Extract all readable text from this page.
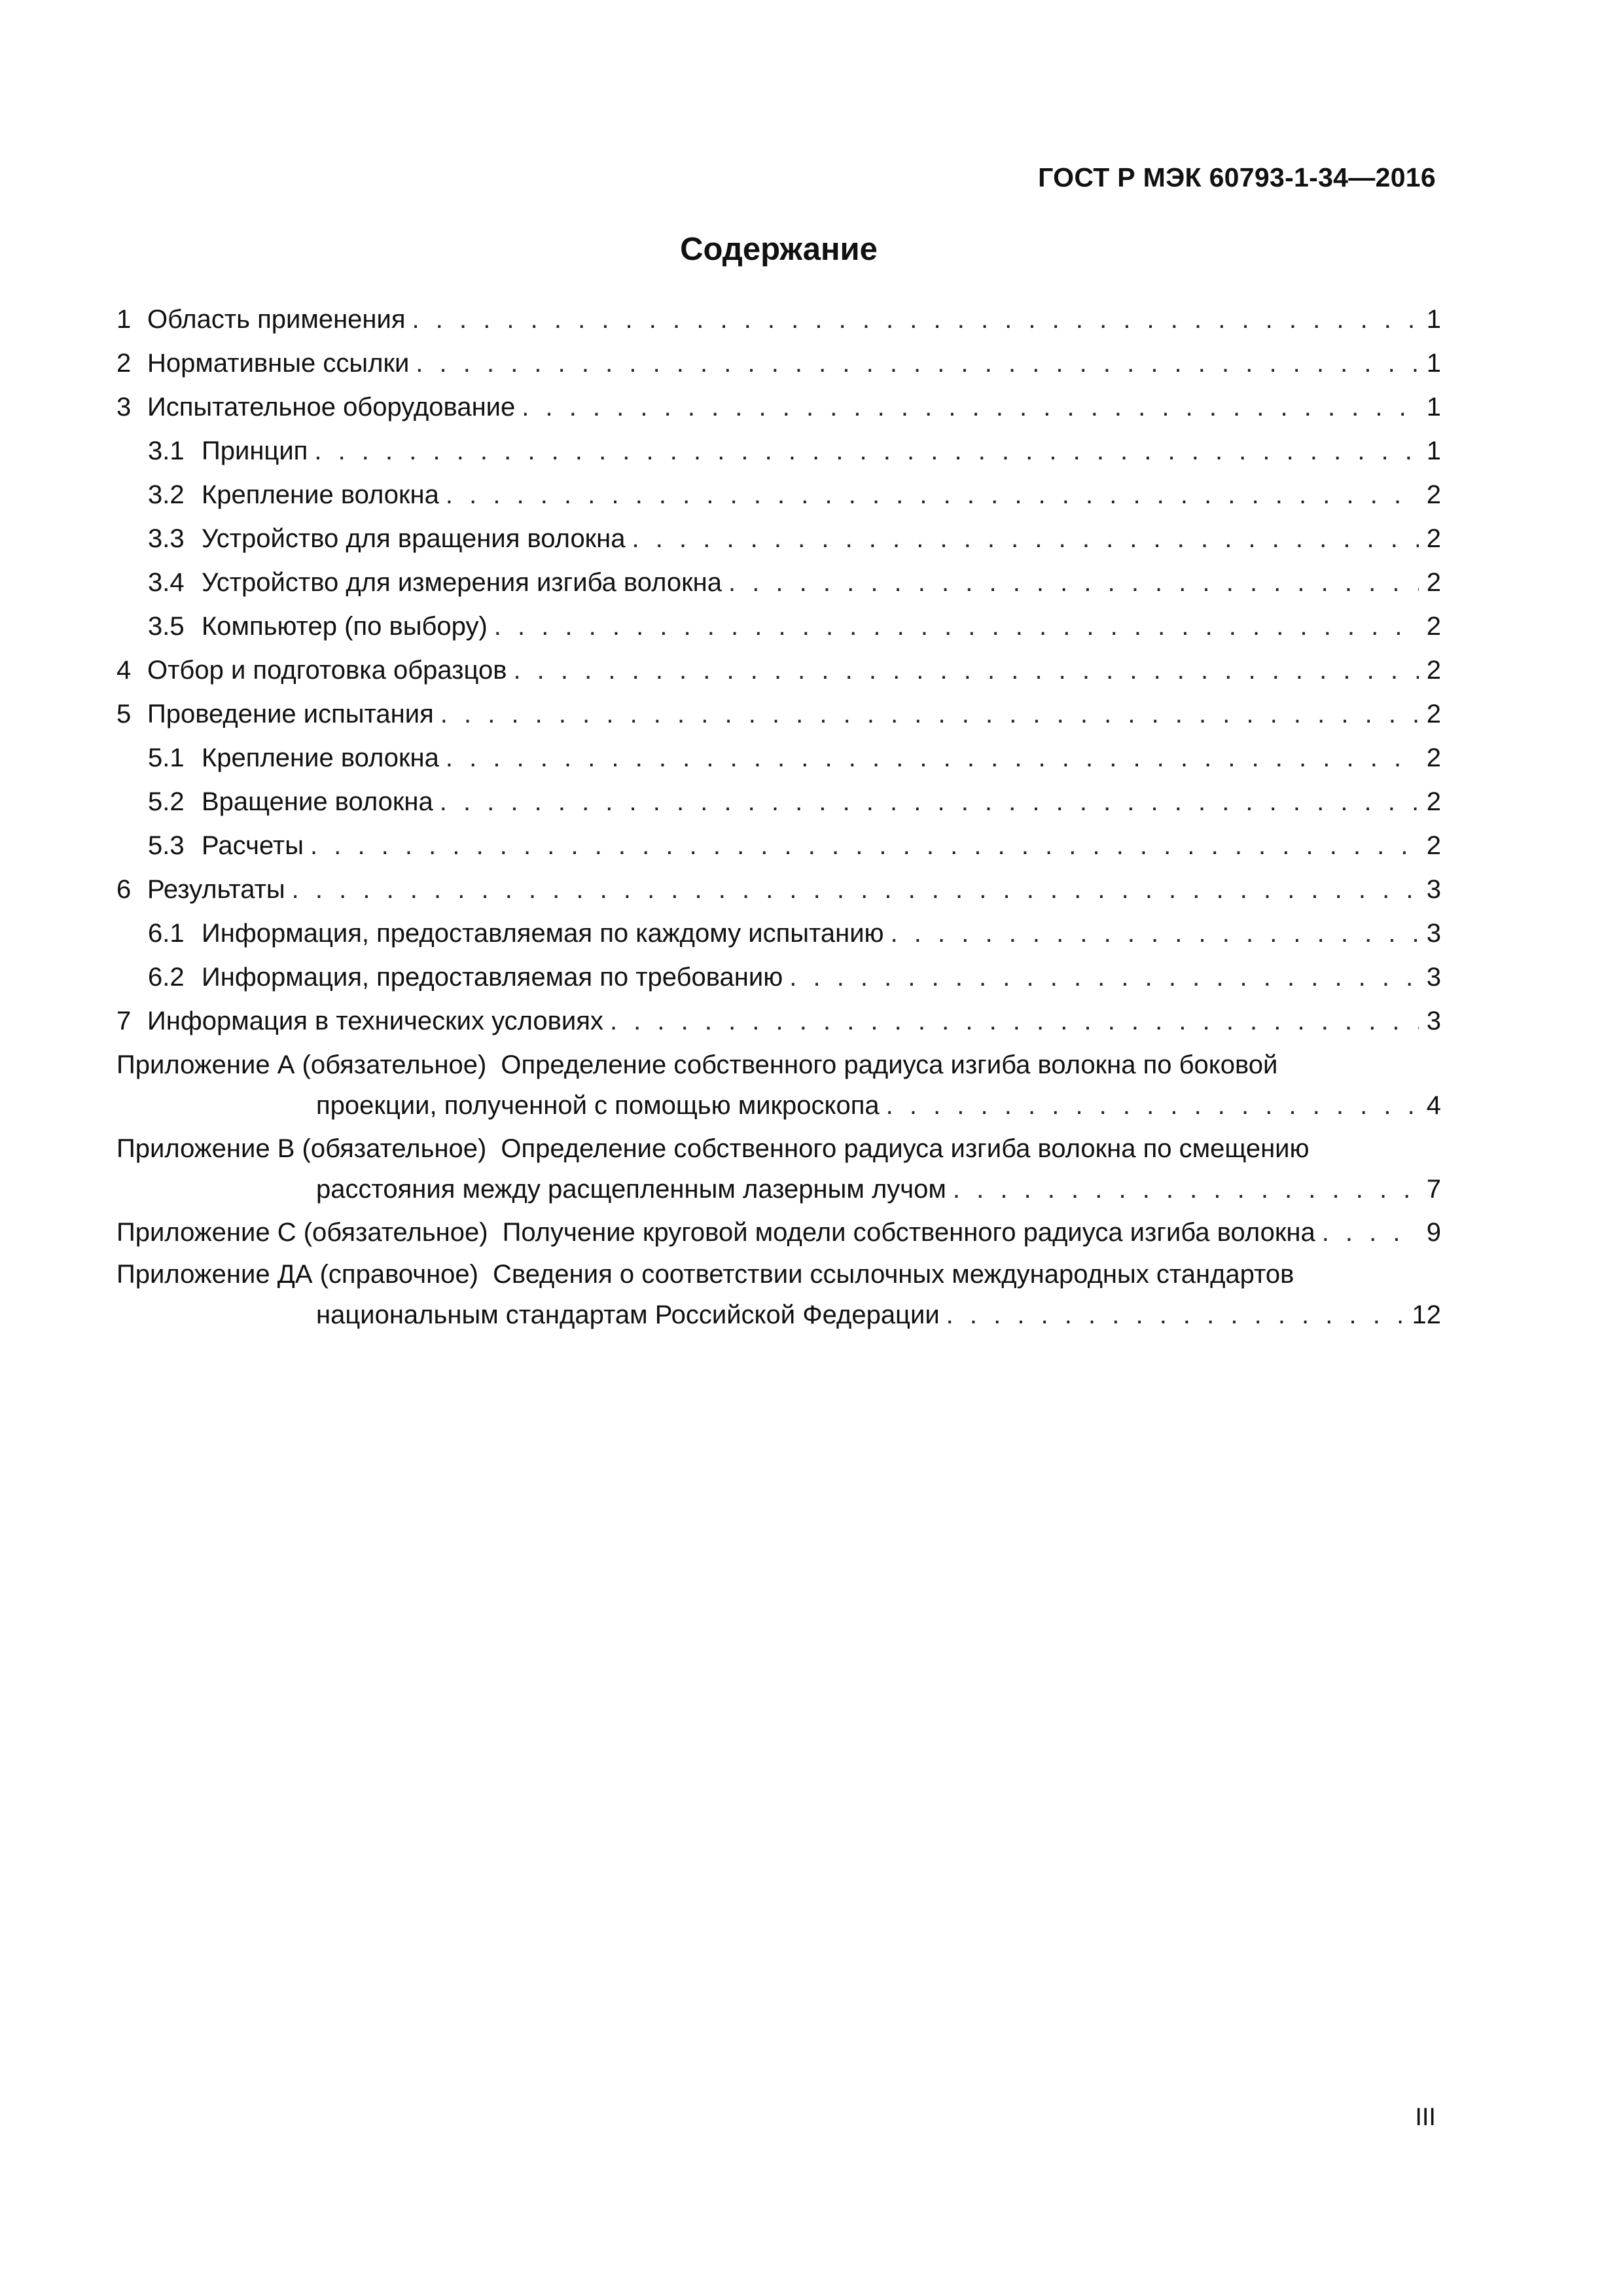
ГОСТ Р МЭК 60793-1-34—2016
Содержание
1 Область применения . . .	1
2 Нормативные ссылки . . .	1
3 Испытательное оборудование . . .	1
3.1 Принцип . . .	1
3.2 Крепление волокна . . .	2
3.3 Устройство для вращения волокна . . .	2
3.4 Устройство для измерения изгиба волокна . . .	2
3.5 Компьютер (по выбору) . . .	2
4 Отбор и подготовка образцов . . .	2
5 Проведение испытания . . .	2
5.1 Крепление волокна . . .	2
5.2 Вращение волокна . . .	2
5.3 Расчеты . . .	2
6 Результаты . . .	3
6.1 Информация, предоставляемая по каждому испытанию . . .	3
6.2 Информация, предоставляемая по требованию . . .	3
7 Информация в технических условиях . . .	3
Приложение А (обязательное) Определение собственного радиуса изгиба волокна по боковой
проекции, полученной с помощью микроскопа . . .	4
Приложение В (обязательное) Определение собственного радиуса изгиба волокна по смещению
расстояния между расщепленным лазерным лучом . . .	7
Приложение С (обязательное) Получение круговой модели собственного радиуса изгиба волокна . . .	9
Приложение ДА (справочное) Сведения о соответствии ссылочных международных стандартов
национальным стандартам Российской Федерации . . .	12
III
